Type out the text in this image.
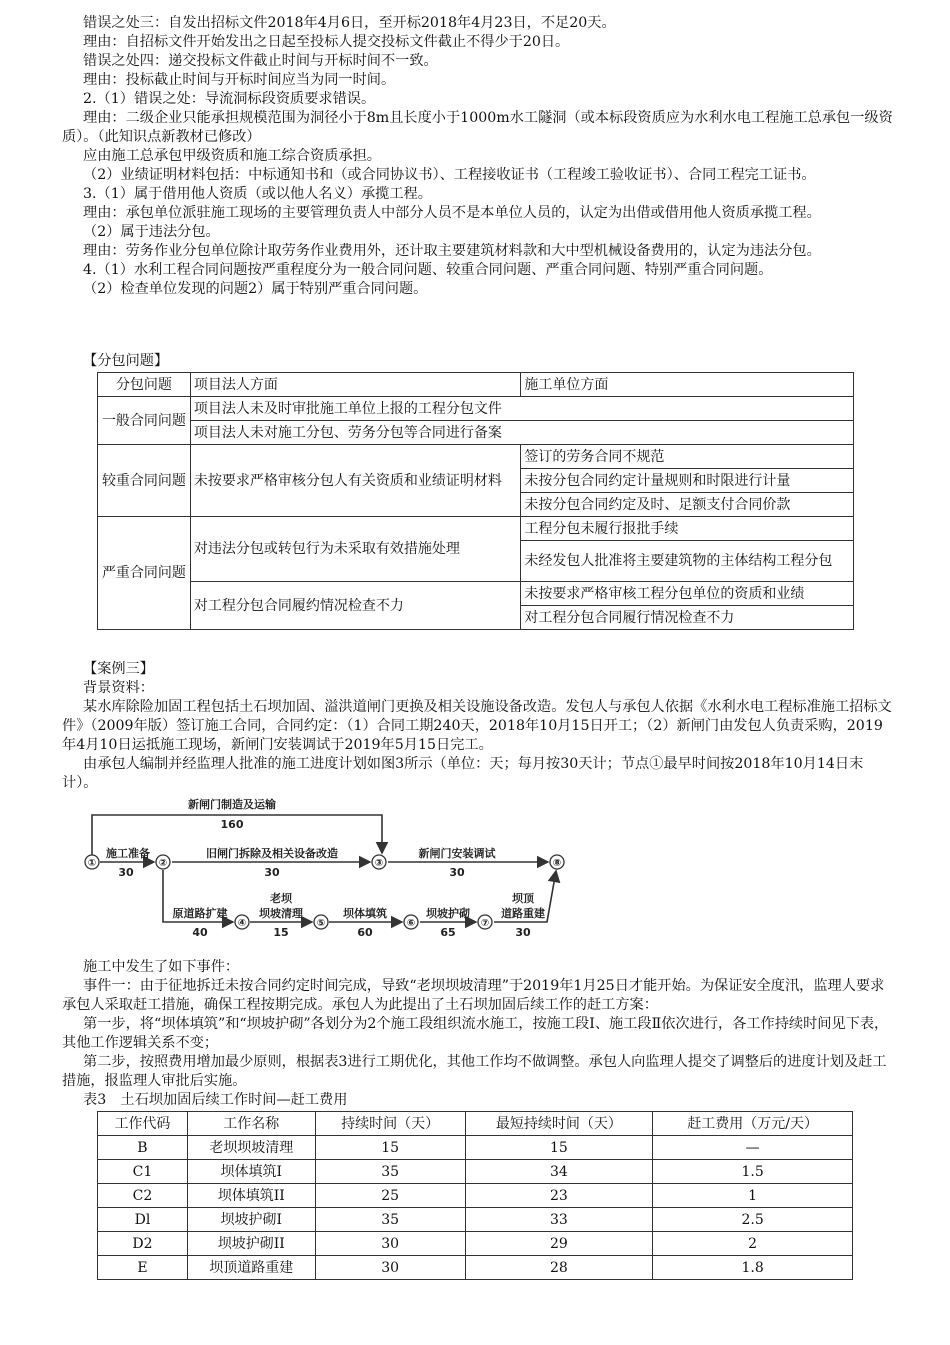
错误之处三：自发出招标文件2018年4月6日，至开标2018年4月23日，不足20天。

理由：自招标文件开始发出之日起至投标人提交投标文件截止不得少于20日。

错误之处四：递交投标文件截止时间与开标时间不一致。

理由：投标截止时间与开标时间应当为同一时间。

2.（1）错误之处：导流洞标段资质要求错误。

理由：二级企业只能承担规模范围为洞径小于8m且长度小于1000m水工隧洞（或本标段资质应为水利水电工程施工总承包一级资质）。（此知识点新教材已修改）

应由施工总承包甲级资质和施工综合资质承担。

（2）业绩证明材料包括：中标通知书和（或合同协议书）、工程接收证书（工程竣工验收证书）、合同工程完工证书。

3.（1）属于借用他人资质（或以他人名义）承揽工程。

理由：承包单位派驻施工现场的主要管理负责人中部分人员不是本单位人员的，认定为出借或借用他人资质承揽工程。

（2）属于违法分包。

理由：劳务作业分包单位除计取劳务作业费用外，还计取主要建筑材料款和大中型机械设备费用的，认定为违法分包。

4.（1）水利工程合同问题按严重程度分为一般合同问题、较重合同问题、严重合同问题、特别严重合同问题。

（2）检查单位发现的问题2）属于特别严重合同问题。

【分包问题】
分包问题	项目法人方面	施工单位方面
一般合同问题	项目法人未及时审批施工单位上报的工程分包文件	
	项目法人未对施工分包、劳务分包等合同进行备案	
较重合同问题	未按要求严格审核分包人有关资质和业绩证明材料	签订的劳务合同不规范
		未按分包合同约定计量规则和时限进行计量
		未按分包合同约定及时、足额支付合同价款
严重合同问题	对违法分包或转包行为未采取有效措施处理	工程分包未履行报批手续
		未经发包人批准将主要建筑物的主体结构工程分包
	对工程分包合同履约情况检查不力	未按要求严格审核工程分包单位的资质和业绩
		对工程分包合同履行情况检查不力

【案例三】

背景资料：

某水库除险加固工程包括土石坝加固、溢洪道闸门更换及相关设施设备改造。发包人与承包人依据《水利水电工程标准施工招标文件》（2009年版）签订施工合同，合同约定：（1）合同工期240天，2018年10月15日开工；（2）新闸门由发包人负责采购，2019年4月10日运抵施工现场，新闸门安装调试于2019年5月15日完工。

由承包人编制并经监理人批准的施工进度计划如图3所示（单位：天；每月按30天计；节点①最早时间按2018年10月14日末计）。

①	②	③	⑧
④	⑤	⑥	⑦
新闸门制造及运输
160
施工准备
30
旧闸门拆除及相关设备改造
30
新闸门安装调试
30
原道路扩建
40
老坝
坝坡清理
15
坝体填筑
60
坝坡护砌
65
坝顶
道路重建
30

施工中发生了如下事件：

事件一：由于征地拆迁未按合同约定时间完成，导致“老坝坝坡清理”于2019年1月25日才能开始。为保证安全度汛，监理人要求承包人采取赶工措施，确保工程按期完成。承包人为此提出了土石坝加固后续工作的赶工方案：

第一步，将“坝体填筑”和“坝坡护砌”各划分为2个施工段组织流水施工，按施工段Ⅰ、施工段Ⅱ依次进行，各工作持续时间见下表，其他工作逻辑关系不变；

第二步，按照费用增加最少原则，根据表3进行工期优化，其他工作均不做调整。承包人向监理人提交了调整后的进度计划及赶工措施，报监理人审批后实施。

表3　土石坝加固后续工作时间—赶工费用

工作代码	工作名称	持续时间（天）	最短持续时间（天）	赶工费用（万元/天）
B	老坝坝坡清理	15	15	—
C1	坝体填筑I	35	34	1.5
C2	坝体填筑II	25	23	1
Dl	坝坡护砌I	35	33	2.5
D2	坝坡护砌II	30	29	2
E	坝顶道路重建	30	28	1.8
